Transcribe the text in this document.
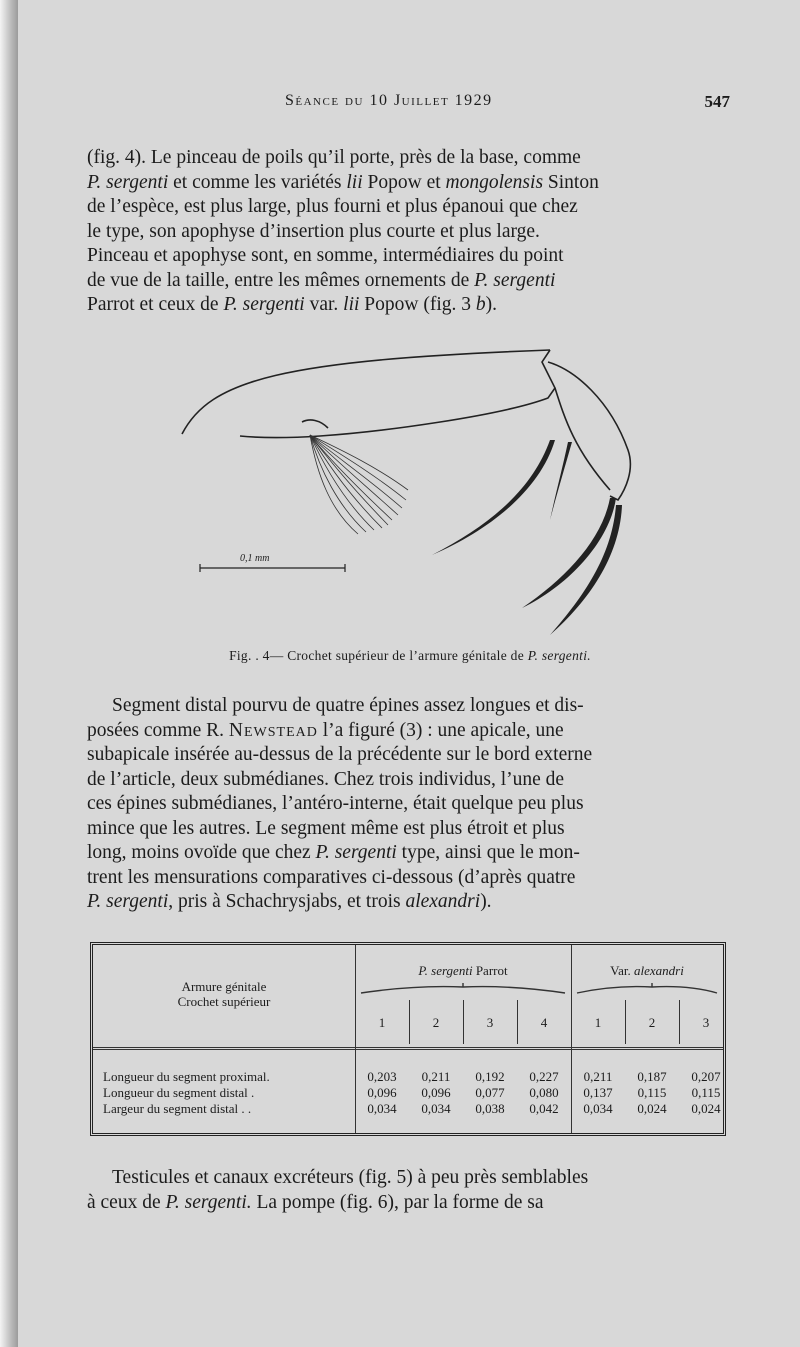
Séance du 10 Juillet 1929	547
(fig. 4). Le pinceau de poils qu’il porte, près de la base, comme
P. sergenti et comme les variétés lii Popow et mongolensis Sinton
de l’espèce, est plus large, plus fourni et plus épanoui que chez
le type, son apophyse d’insertion plus courte et plus large.
Pinceau et apophyse sont, en somme, intermédiaires du point
de vue de la taille, entre les mêmes ornements de P. sergenti
Parrot et ceux de P. sergenti var. lii Popow (fig. 3 b).
0,1 mm
Fig. . 4— Crochet supérieur de l’armure génitale de P. sergenti.
Segment distal pourvu de quatre épines assez longues et dis-
posées comme R. Newstead l’a figuré (3) : une apicale, une
subapicale insérée au-dessus de la précédente sur le bord externe
de l’article, deux submédianes. Chez trois individus, l’une de
ces épines submédianes, l’antéro-interne, était quelque peu plus
mince que les autres. Le segment même est plus étroit et plus
long, moins ovoïde que chez P. sergenti type, ainsi que le mon-
trent les mensurations comparatives ci-dessous (d’après quatre
P. sergenti, pris à Schachrysjabs, et trois alexandri).
Armure génitale
Crochet supérieur
P. sergenti Parrot	Var. alexandri
1	2	3	4	1	2	3
Longueur du segment proximal.	0,203	0,211	0,192	0,227	0,211	0,187	0,207
Longueur du segment distal .	0,096	0,096	0,077	0,080	0,137	0,115	0,115
Largeur du segment distal . .	0,034	0,034	0,038	0,042	0,034	0,024	0,024
Testicules et canaux excréteurs (fig. 5) à peu près semblables
à ceux de P. sergenti. La pompe (fig. 6), par la forme de sa
